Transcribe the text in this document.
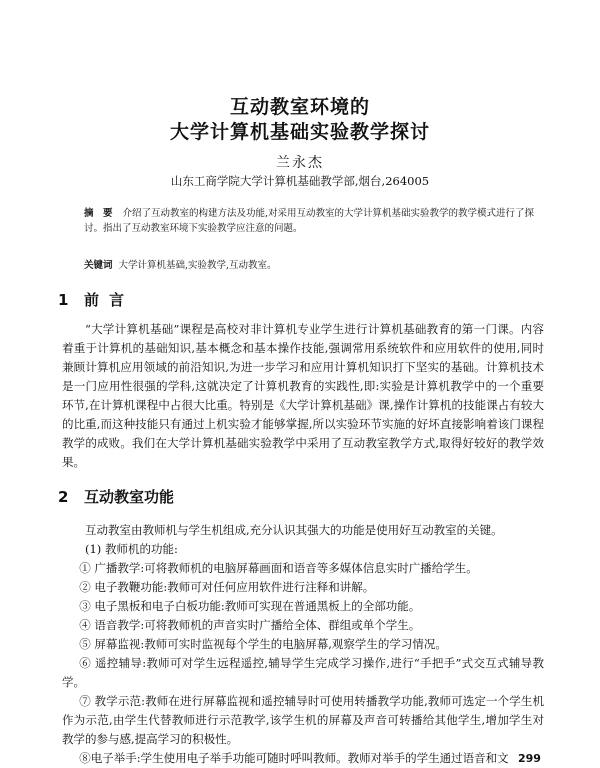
互动教室环境的
大学计算机基础实验教学探讨
兰永杰
山东工商学院大学计算机基础教学部,烟台,264005
摘　要 介绍了互动教室的构建方法及功能,对采用互动教室的大学计算机基础实验教学的教学模式进行了探讨。指出了互动教室环境下实验教学应注意的问题。
关键词 大学计算机基础,实验教学,互动教室。
1 前言

“大学计算机基础”课程是高校对非计算机专业学生进行计算机基础教育的第一门课。内容着重于计算机的基础知识,基本概念和基本操作技能,强调常用系统软件和应用软件的使用,同时兼顾计算机应用领域的前沿知识,为进一步学习和应用计算机知识打下坚实的基础。计算机技术是一门应用性很强的学科,这就决定了计算机教育的实践性,即:实验是计算机教学中的一个重要环节,在计算机课程中占很大比重。特别是《大学计算机基础》课,操作计算机的技能课占有较大的比重,而这种技能只有通过上机实验才能够掌握,所以实验环节实施的好坏直接影响着该门课程教学的成败。我们在大学计算机基础实验教学中采用了互动教室教学方式,取得好较好的教学效果。

2 互动教室功能

互动教室由教师机与学生机组成,充分认识其强大的功能是使用好互动教室的关键。

(1) 教师机的功能:

① 广播教学:可将教师机的电脑屏幕画面和语音等多媒体信息实时广播给学生。

② 电子教鞭功能:教师可对任何应用软件进行注释和讲解。

③ 电子黑板和电子白板功能:教师可实现在普通黑板上的全部功能。

④ 语音教学:可将教师机的声音实时广播给全体、群组或单个学生。

⑤ 屏幕监视:教师可实时监视每个学生的电脑屏幕,观察学生的学习情况。

⑥ 遥控辅导:教师可对学生远程遥控,辅导学生完成学习操作,进行“手把手”式交互式辅导教学。

⑦ 教学示范:教师在进行屏幕监视和遥控辅导时可使用转播教学功能,教师可选定一个学生机作为示范,由学生代替教师进行示范教学,该学生机的屏幕及声音可转播给其他学生,增加学生对教学的参与感,提高学习的积极性。

⑧电子举手:学生使用电子举手功能可随时呼叫教师。教师对举手的学生通过语音和文 299
